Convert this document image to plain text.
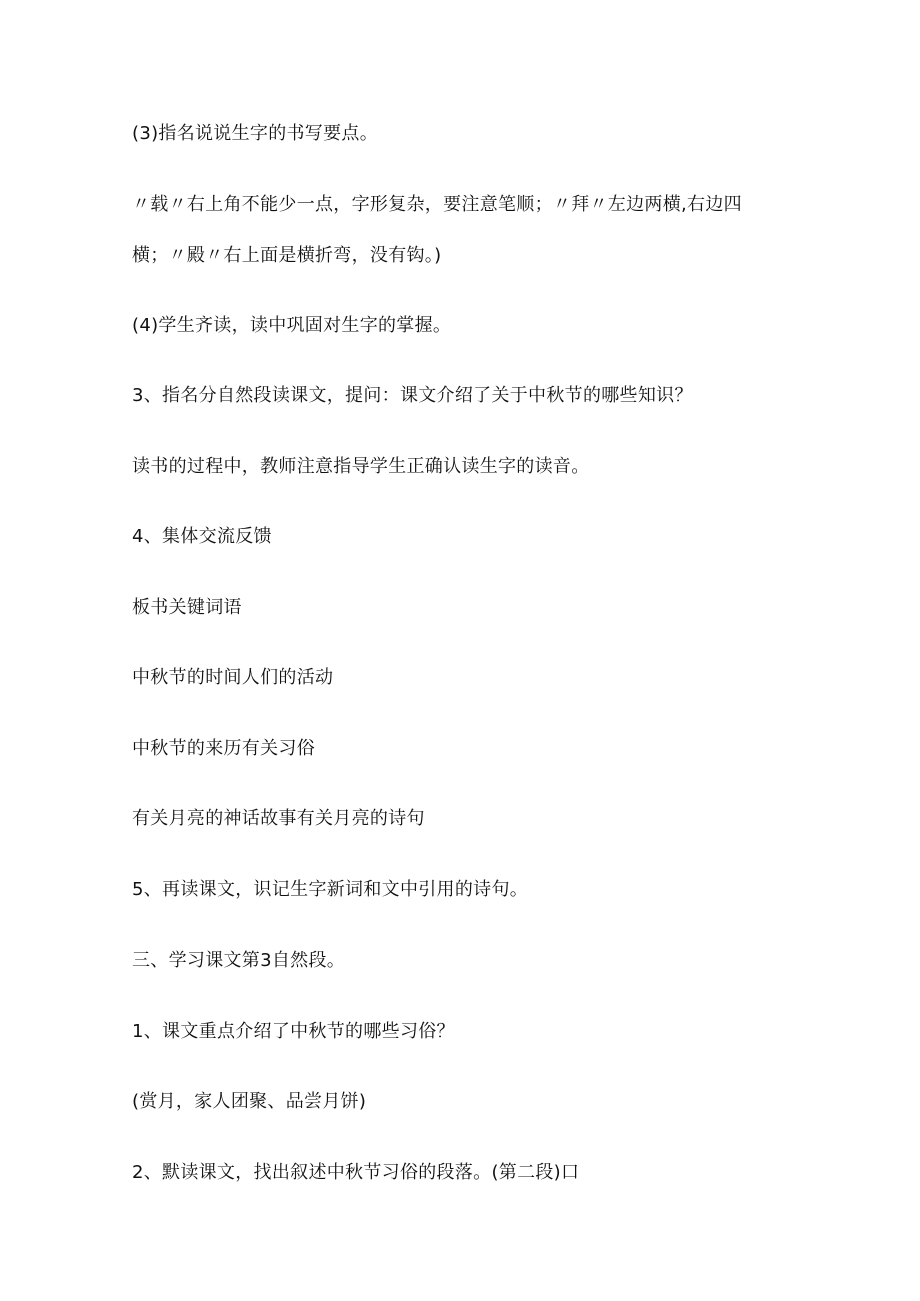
(3)指名说说生字的书写要点。
〃载〃右上角不能少一点，字形复杂，要注意笔顺；〃拜〃左边两横,右边四
横；〃殿〃右上面是横折弯，没有钩。)
(4)学生齐读，读中巩固对生字的掌握。
3、指名分自然段读课文，提问：课文介绍了关于中秋节的哪些知识？
读书的过程中，教师注意指导学生正确认读生字的读音。
4、集体交流反馈
板书关键词语
中秋节的时间人们的活动
中秋节的来历有关习俗
有关月亮的神话故事有关月亮的诗句
5、再读课文，识记生字新词和文中引用的诗句。
三、学习课文第3自然段。
1、课文重点介绍了中秋节的哪些习俗？
(赏月，家人团聚、品尝月饼)
2、默读课文，找出叙述中秋节习俗的段落。(第二段)口
